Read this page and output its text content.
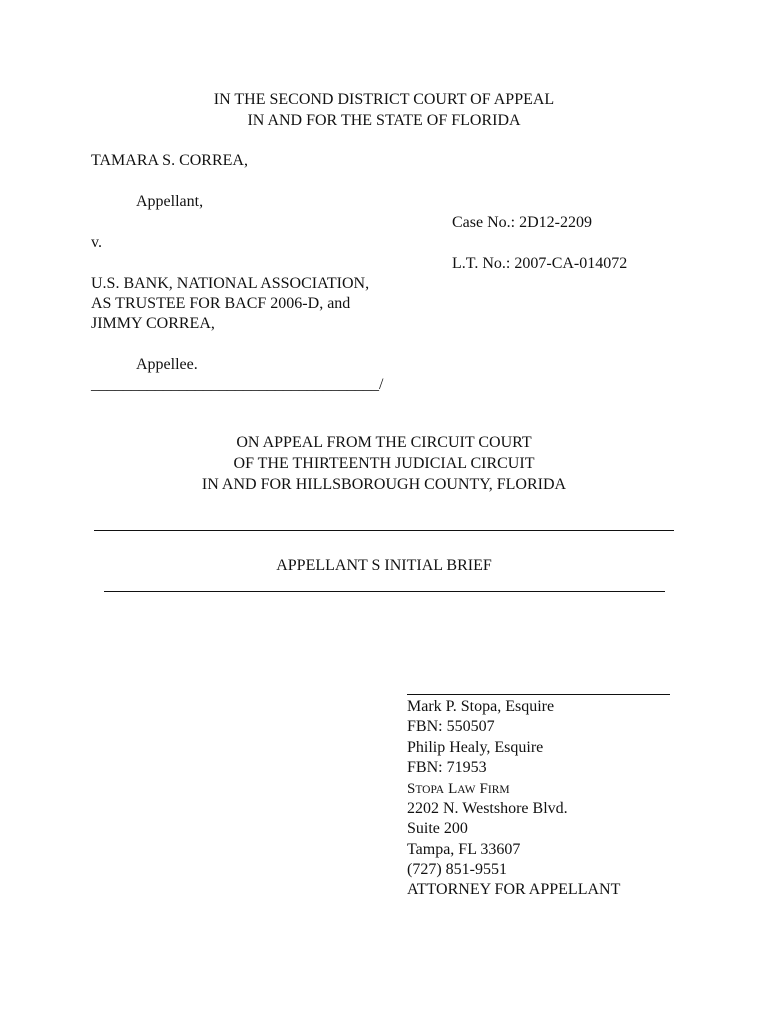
IN THE SECOND DISTRICT COURT OF APPEAL
IN AND FOR THE STATE OF FLORIDA
TAMARA S. CORREA,
Appellant,
v.
U.S. BANK, NATIONAL ASSOCIATION,
AS TRUSTEE FOR BACF 2006-D, and
JIMMY CORREA,
Appellee.
____________________________________/
Case No.: 2D12-2209
L.T. No.: 2007-CA-014072
ON APPEAL FROM THE CIRCUIT COURT
OF THE THIRTEENTH JUDICIAL CIRCUIT
IN AND FOR HILLSBOROUGH COUNTY, FLORIDA
APPELLANT S INITIAL BRIEF
Mark P. Stopa, Esquire
FBN: 550507
Philip Healy, Esquire
FBN: 71953
STOPA LAW FIRM
2202 N. Westshore Blvd.
Suite 200
Tampa, FL 33607
(727) 851-9551
ATTORNEY FOR APPELLANT
